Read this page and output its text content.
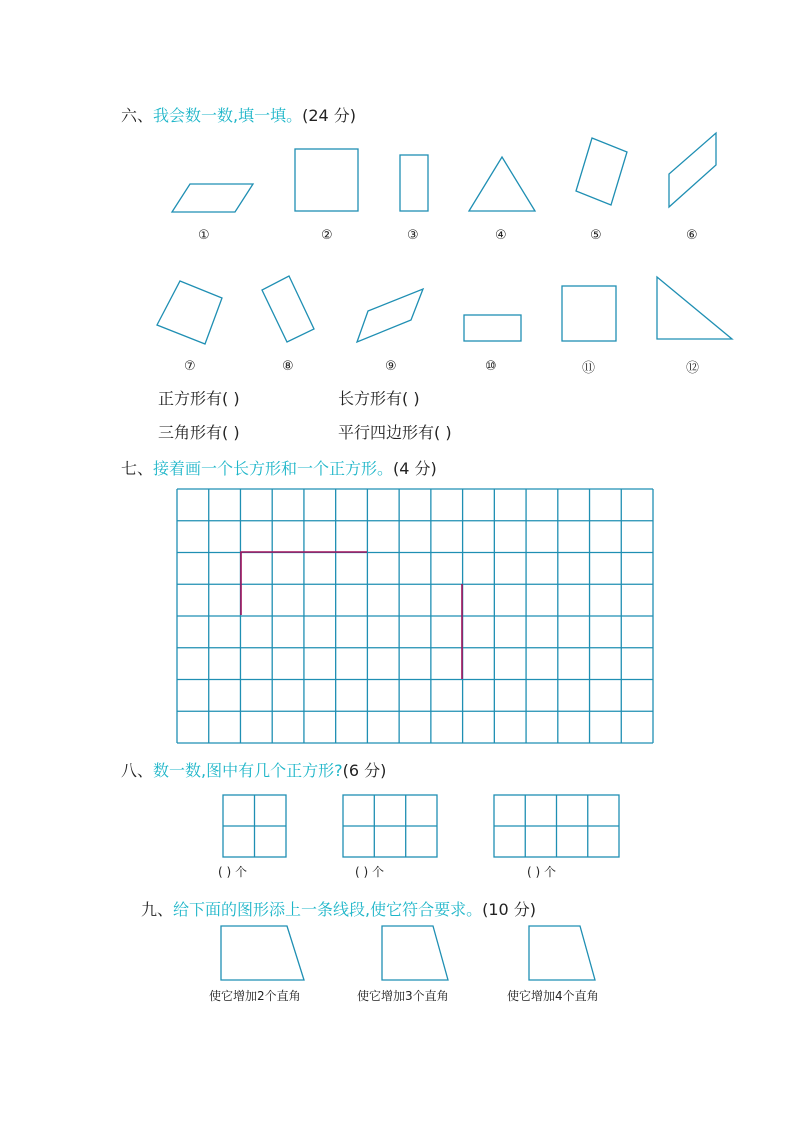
六、我会数一数,填一填。(24 分)
①	②	③	④	⑤	⑥
⑦	⑧	⑨	⑩	⑪	⑫
正方形有( )	长方形有( )
三角形有( )	平行四边形有( )
七、接着画一个长方形和一个正方形。(4 分)
八、数一数,图中有几个正方形?(6 分)
( ) 个	( ) 个	( ) 个
九、给下面的图形添上一条线段,使它符合要求。(10 分)
使它增加2个直角	使它增加3个直角	使它增加4个直角
